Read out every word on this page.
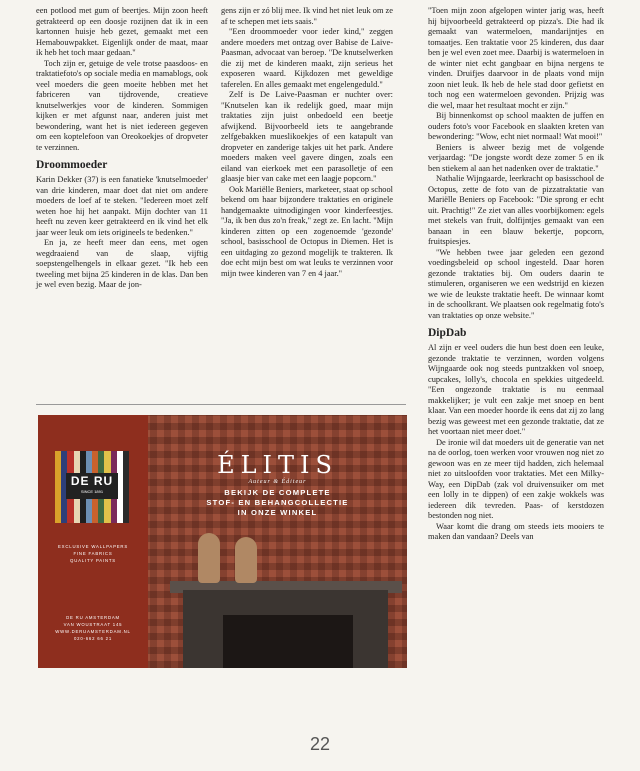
een potlood met gum of beertjes. Mijn zoon heeft getrakteerd op een doosje rozijnen dat ik in een kartonnen huisje heb gezet, gemaakt met een Hemabouwpakket. Eigenlijk onder de maat, maar ik heb het toch maar gedaan."

Toch zijn er, getuige de vele trotse paasdoos- en traktatiefoto's op sociale media en mamablogs, ook veel moeders die geen moeite hebben met het fabriceren van tijdrovende, creatieve knutselwerkjes voor de kinderen. Sommigen kijken er met afgunst naar, anderen juist met bewondering, want het is niet iedereen gegeven om een koptelefoon van Oreokoekjes of dropveter te verzinnen.

Droommoeder

Karin Dekker (37) is een fanatieke 'knutselmoeder' van drie kinderen, maar doet dat niet om andere moeders de loef af te steken. "Iedereen moet zelf weten hoe hij het aanpakt. Mijn dochter van 11 heeft nu zeven keer getrakteerd en ik vind het elk jaar weer leuk om iets origineels te bedenken."

En ja, ze heeft meer dan eens, met ogen wegdraaiend van de slaap, vijftig soepstengelhengels in elkaar gezet. "Ik heb een tweeling met bijna 25 kinderen in de klas. Dan ben je wel even bezig. Maar de jon-

gens zijn er zó blij mee. Ik vind het niet leuk om ze af te schepen met iets saais."

"Een droommoeder voor ieder kind," zeggen andere moeders met ontzag over Babise de Laive-Paasman, advocaat van beroep. "De knutselwerken die zij met de kinderen maakt, zijn serieus het exposeren waard. Kijkdozen met geweldige taferelen. En alles gemaakt met engelengeduld."

Zelf is De Laive-Paasman er nuchter over: "Knutselen kan ik redelijk goed, maar mijn traktaties zijn juist onbedoeld een beetje afwijkend. Bijvoorbeeld iets te aangebrande zelfgebakken mueslikoekjes of een katapult van dropveter en zanderige takjes uit het park. Andere moeders maken veel gavere dingen, zoals een eiland van eierkoek met een parasolletje of een glaasje bier van cake met een laagje popcorn."

Ook Mariëlle Beniers, marketeer, staat op school bekend om haar bijzondere traktaties en originele handgemaakte uitnodigingen voor kinderfeestjes. "Ja, ik ben dus zo'n freak," zegt ze. En lacht. "Mijn kinderen zitten op een zogenoemde 'gezonde' school, basisschool de Octopus in Diemen. Het is een uitdaging zo gezond mogelijk te trakteren. Ik doe echt mijn best om wat leuks te verzinnen voor mijn twee kinderen van 7 en 4 jaar."

"Toen mijn zoon afgelopen winter jarig was, heeft hij bijvoorbeeld getrakteerd op pizza's. Die had ik gemaakt van watermeloen, mandarijntjes en tomaatjes. Een traktatie voor 25 kinderen, dus daar ben je wel even zoet mee. Daarbij is watermeloen in de winter niet echt gangbaar en bijna nergens te vinden. Druifjes daarvoor in de plaats vond mijn zoon niet leuk. Ik heb de hele stad door gefietst en toch nog een watermeloen gevonden. Prijzig was die wel, maar het resultaat mocht er zijn."

Bij binnenkomst op school maakten de juffen en ouders foto's voor Facebook en slaakten kreten van bewondering: "Wow, echt niet normaal! Wat mooi!"

Beniers is alweer bezig met de volgende verjaardag: "De jongste wordt deze zomer 5 en ik ben stiekem al aan het nadenken over de traktatie."

Nathalie Wijngaarde, leerkracht op basisschool de Octopus, zette de foto van de pizzatraktatie van Mariëlle Beniers op Facebook: "Die sprong er echt uit. Prachtig!" Ze ziet van alles voorbijkomen: egels met stekels van fruit, dolfijntjes gemaakt van een banaan in een blauw bekertje, popcorn, fruitspiesjes.

"We hebben twee jaar geleden een gezond voedingsbeleid op school ingesteld. Daar horen gezonde traktaties bij. Om ouders daarin te stimuleren, organiseren we een wedstrijd en kiezen we wie de leukste traktatie heeft. De winnaar komt in de schoolkrant. We plaatsen ook regelmatig foto's van traktaties op onze website."

DipDab

Al zijn er veel ouders die hun best doen een leuke, gezonde traktatie te verzinnen, worden volgens Wijngaarde ook nog steeds puntzakken vol snoep, cupcakes, lolly's, chocola en spekkies uitgedeeld. "Een ongezonde traktatie is nu eenmaal makkelijker; je vult een zakje met snoep en bent klaar. Van een moeder hoorde ik eens dat zij zo lang bezig was geweest met een gezonde traktatie, dat ze het voortaan niet meer doet."

De ironie wil dat moeders uit de generatie van net na de oorlog, toen werken voor vrouwen nog niet zo gewoon was en ze meer tijd hadden, zich helemaal niet zo uitsloofden voor traktaties. Met een Milky-Way, een DipDab (zak vol druivensuiker om met een lolly in te dippen) of een zakje wokkels was iedereen dik tevreden. Paas- of kerstdozen bestonden nog niet.

Waar komt die drang om steeds iets mooiers te maken dan vandaan? Deels van

DE RU
SINCE 1891
EXCLUSIVE WALLPAPERS
FINE FABRICS
QUALITY PAINTS
DE RU AMSTERDAM
VAN WOUSTRAAT 145
WWW.DERUAMSTERDAM.NL
020-662 66 21
ÉLITIS
Auteur & Éditeur
BEKIJK DE COMPLETE
STOF- EN BEHANGCOLLECTIE
IN ONZE WINKEL
22
